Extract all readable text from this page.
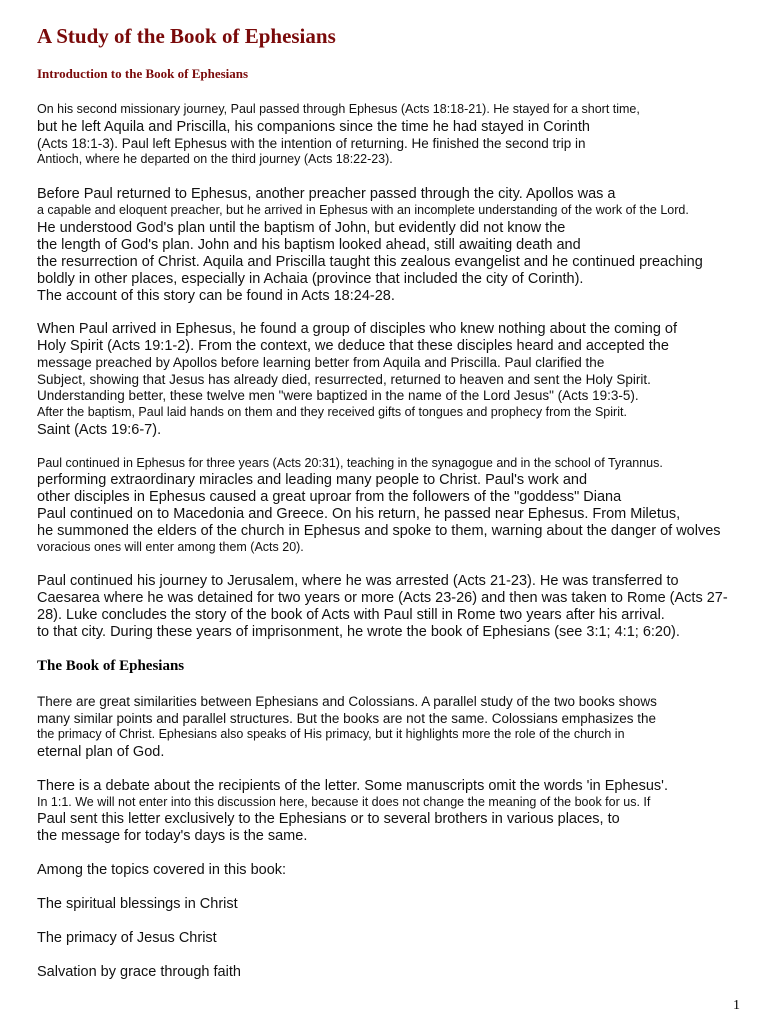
A Study of the Book of Ephesians
Introduction to the Book of Ephesians

On his second missionary journey, Paul passed through Ephesus (Acts 18:18-21). He stayed for a short time,

but he left Aquila and Priscilla, his companions since the time he had stayed in Corinth

(Acts 18:1-3). Paul left Ephesus with the intention of returning. He finished the second trip in

Antioch, where he departed on the third journey (Acts 18:22-23).

Before Paul returned to Ephesus, another preacher passed through the city. Apollos was a

a capable and eloquent preacher, but he arrived in Ephesus with an incomplete understanding of the work of the Lord.

He understood God's plan until the baptism of John, but evidently did not know the

the length of God's plan. John and his baptism looked ahead, still awaiting death and

the resurrection of Christ. Aquila and Priscilla taught this zealous evangelist and he continued preaching

boldly in other places, especially in Achaia (province that included the city of Corinth).

The account of this story can be found in Acts 18:24-28.

When Paul arrived in Ephesus, he found a group of disciples who knew nothing about the coming of

Holy Spirit (Acts 19:1-2). From the context, we deduce that these disciples heard and accepted the

message preached by Apollos before learning better from Aquila and Priscilla. Paul clarified the

Subject, showing that Jesus has already died, resurrected, returned to heaven and sent the Holy Spirit.

Understanding better, these twelve men "were baptized in the name of the Lord Jesus" (Acts 19:3-5).

After the baptism, Paul laid hands on them and they received gifts of tongues and prophecy from the Spirit.

Saint (Acts 19:6-7).

Paul continued in Ephesus for three years (Acts 20:31), teaching in the synagogue and in the school of Tyrannus.

performing extraordinary miracles and leading many people to Christ. Paul's work and

other disciples in Ephesus caused a great uproar from the followers of the "goddess" Diana

Paul continued on to Macedonia and Greece. On his return, he passed near Ephesus. From Miletus,

he summoned the elders of the church in Ephesus and spoke to them, warning about the danger of wolves

voracious ones will enter among them (Acts 20).

Paul continued his journey to Jerusalem, where he was arrested (Acts 21-23). He was transferred to

Caesarea where he was detained for two years or more (Acts 23-26) and then was taken to Rome (Acts 27-

28). Luke concludes the story of the book of Acts with Paul still in Rome two years after his arrival.

to that city. During these years of imprisonment, he wrote the book of Ephesians (see 3:1; 4:1; 6:20).

The Book of Ephesians

There are great similarities between Ephesians and Colossians. A parallel study of the two books shows

many similar points and parallel structures. But the books are not the same. Colossians emphasizes the

the primacy of Christ. Ephesians also speaks of His primacy, but it highlights more the role of the church in

eternal plan of God.

There is a debate about the recipients of the letter. Some manuscripts omit the words 'in Ephesus'.

In 1:1. We will not enter into this discussion here, because it does not change the meaning of the book for us. If

Paul sent this letter exclusively to the Ephesians or to several brothers in various places, to

the message for today's days is the same.

Among the topics covered in this book:

The spiritual blessings in Christ

The primacy of Jesus Christ

Salvation by grace through faith

1
